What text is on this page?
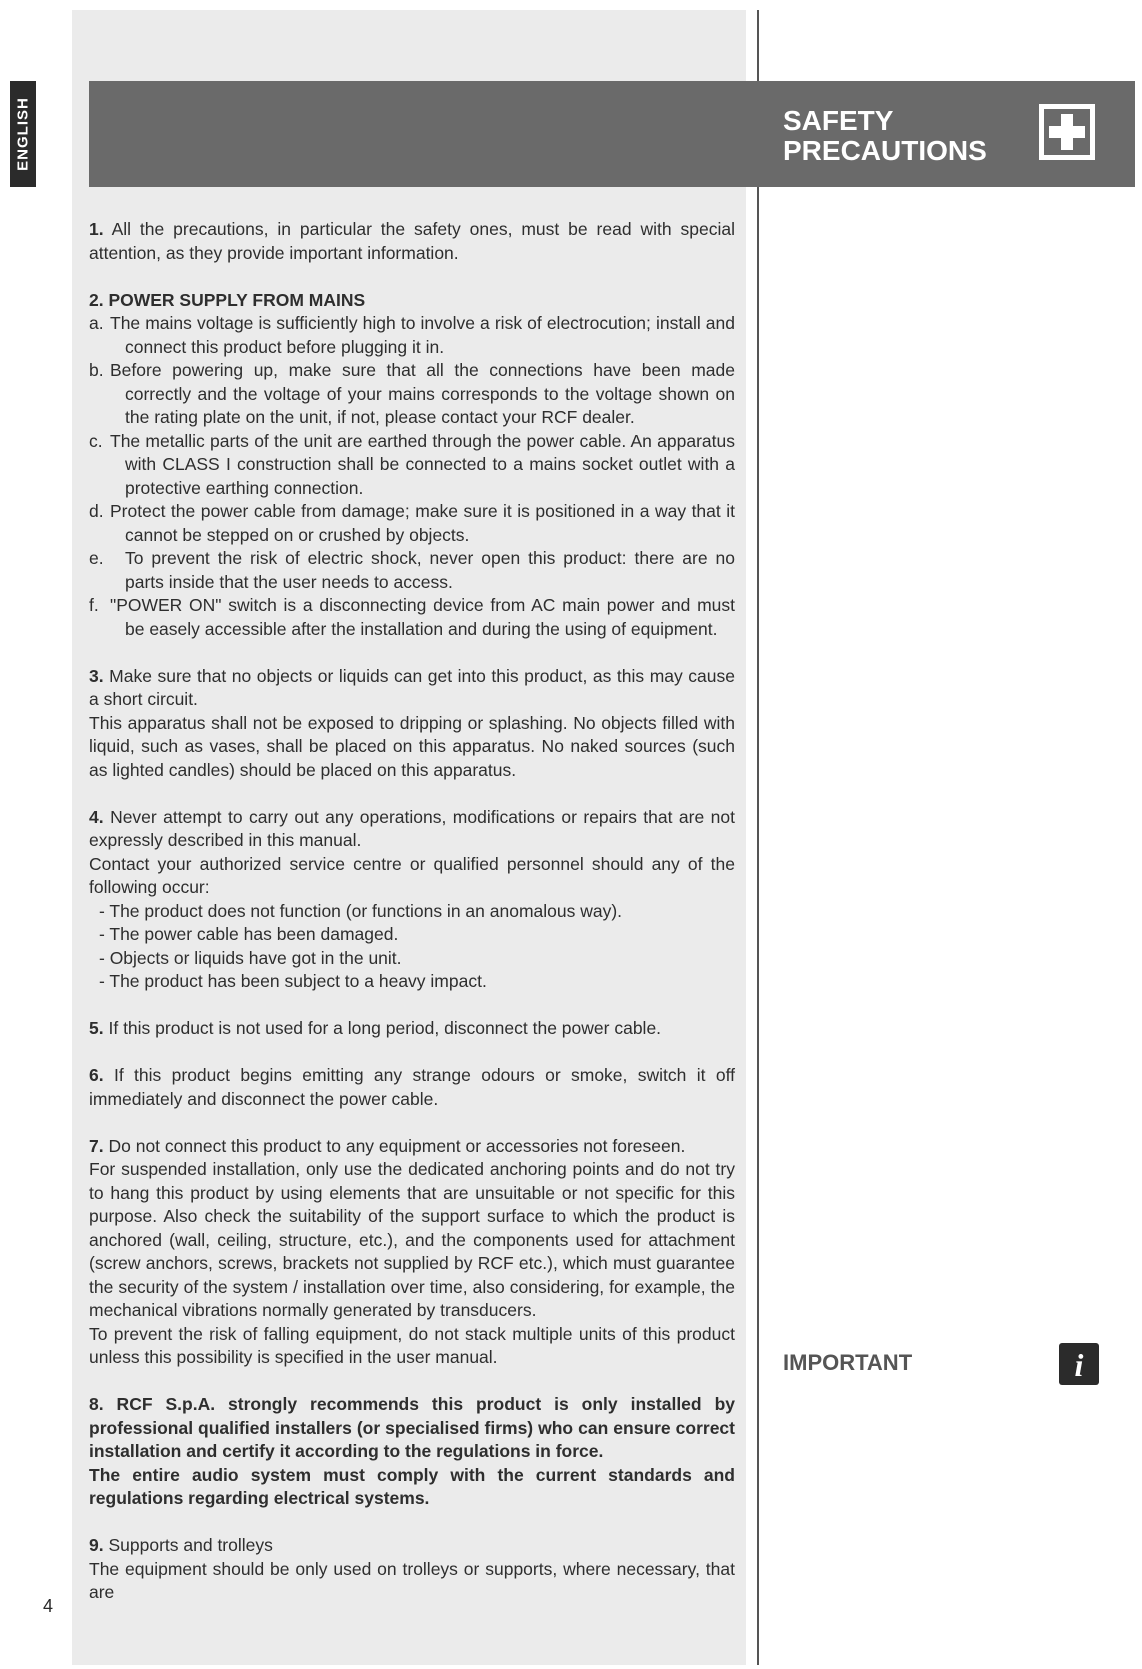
ENGLISH	SAFETY
PRECAUTIONS

1. All the precautions, in particular the safety ones, must be read with special attention, as they provide important information.

2. POWER SUPPLY FROM MAINS

a. The mains voltage is sufficiently high to involve a risk of electrocution; install and connect this product before plugging it in.

b. Before powering up, make sure that all the connections have been made correctly and the voltage of your mains corresponds to the voltage shown on the rating plate on the unit, if not, please contact your RCF dealer.

c. The metallic parts of the unit are earthed through the power cable. An apparatus with CLASS I construction shall be connected to a mains socket outlet with a protective earthing connection.

d. Protect the power cable from damage; make sure it is positioned in a way that it cannot be stepped on or crushed by objects.

e. To prevent the risk of electric shock, never open this product: there are no parts inside that the user needs to access.

f. "POWER ON" switch is a disconnecting device from AC main power and must be easely accessible after the installation and during the using of equipment.

3. Make sure that no objects or liquids can get into this product, as this may cause a short circuit.

This apparatus shall not be exposed to dripping or splashing. No objects filled with liquid, such as vases, shall be placed on this apparatus. No naked sources (such as lighted candles) should be placed on this apparatus.

4. Never attempt to carry out any operations, modifications or repairs that are not expressly described in this manual.

Contact your authorized service centre or qualified personnel should any of the following occur:

- The product does not function (or functions in an anomalous way).

- The power cable has been damaged.

- Objects or liquids have got in the unit.

- The product has been subject to a heavy impact.

5. If this product is not used for a long period, disconnect the power cable.

6. If this product begins emitting any strange odours or smoke, switch it off immediately and disconnect the power cable.

7. Do not connect this product to any equipment or accessories not foreseen.

For suspended installation, only use the dedicated anchoring points and do not try to hang this product by using elements that are unsuitable or not specific for this purpose. Also check the suitability of the support surface to which the product is anchored (wall, ceiling, structure, etc.), and the components used for attachment (screw anchors, screws, brackets not supplied by RCF etc.), which must guarantee the security of the system / installation over time, also considering, for example, the mechanical vibrations normally generated by transducers.

To prevent the risk of falling equipment, do not stack multiple units of this product unless this possibility is specified in the user manual.

8. RCF S.p.A. strongly recommends this product is only installed by professional qualified installers (or specialised firms) who can ensure correct installation and certify it according to the regulations in force.

The entire audio system must comply with the current standards and regulations regarding electrical systems.

9. Supports and trolleys

The equipment should be only used on trolleys or supports, where necessary, that are

IMPORTANT	i
4
